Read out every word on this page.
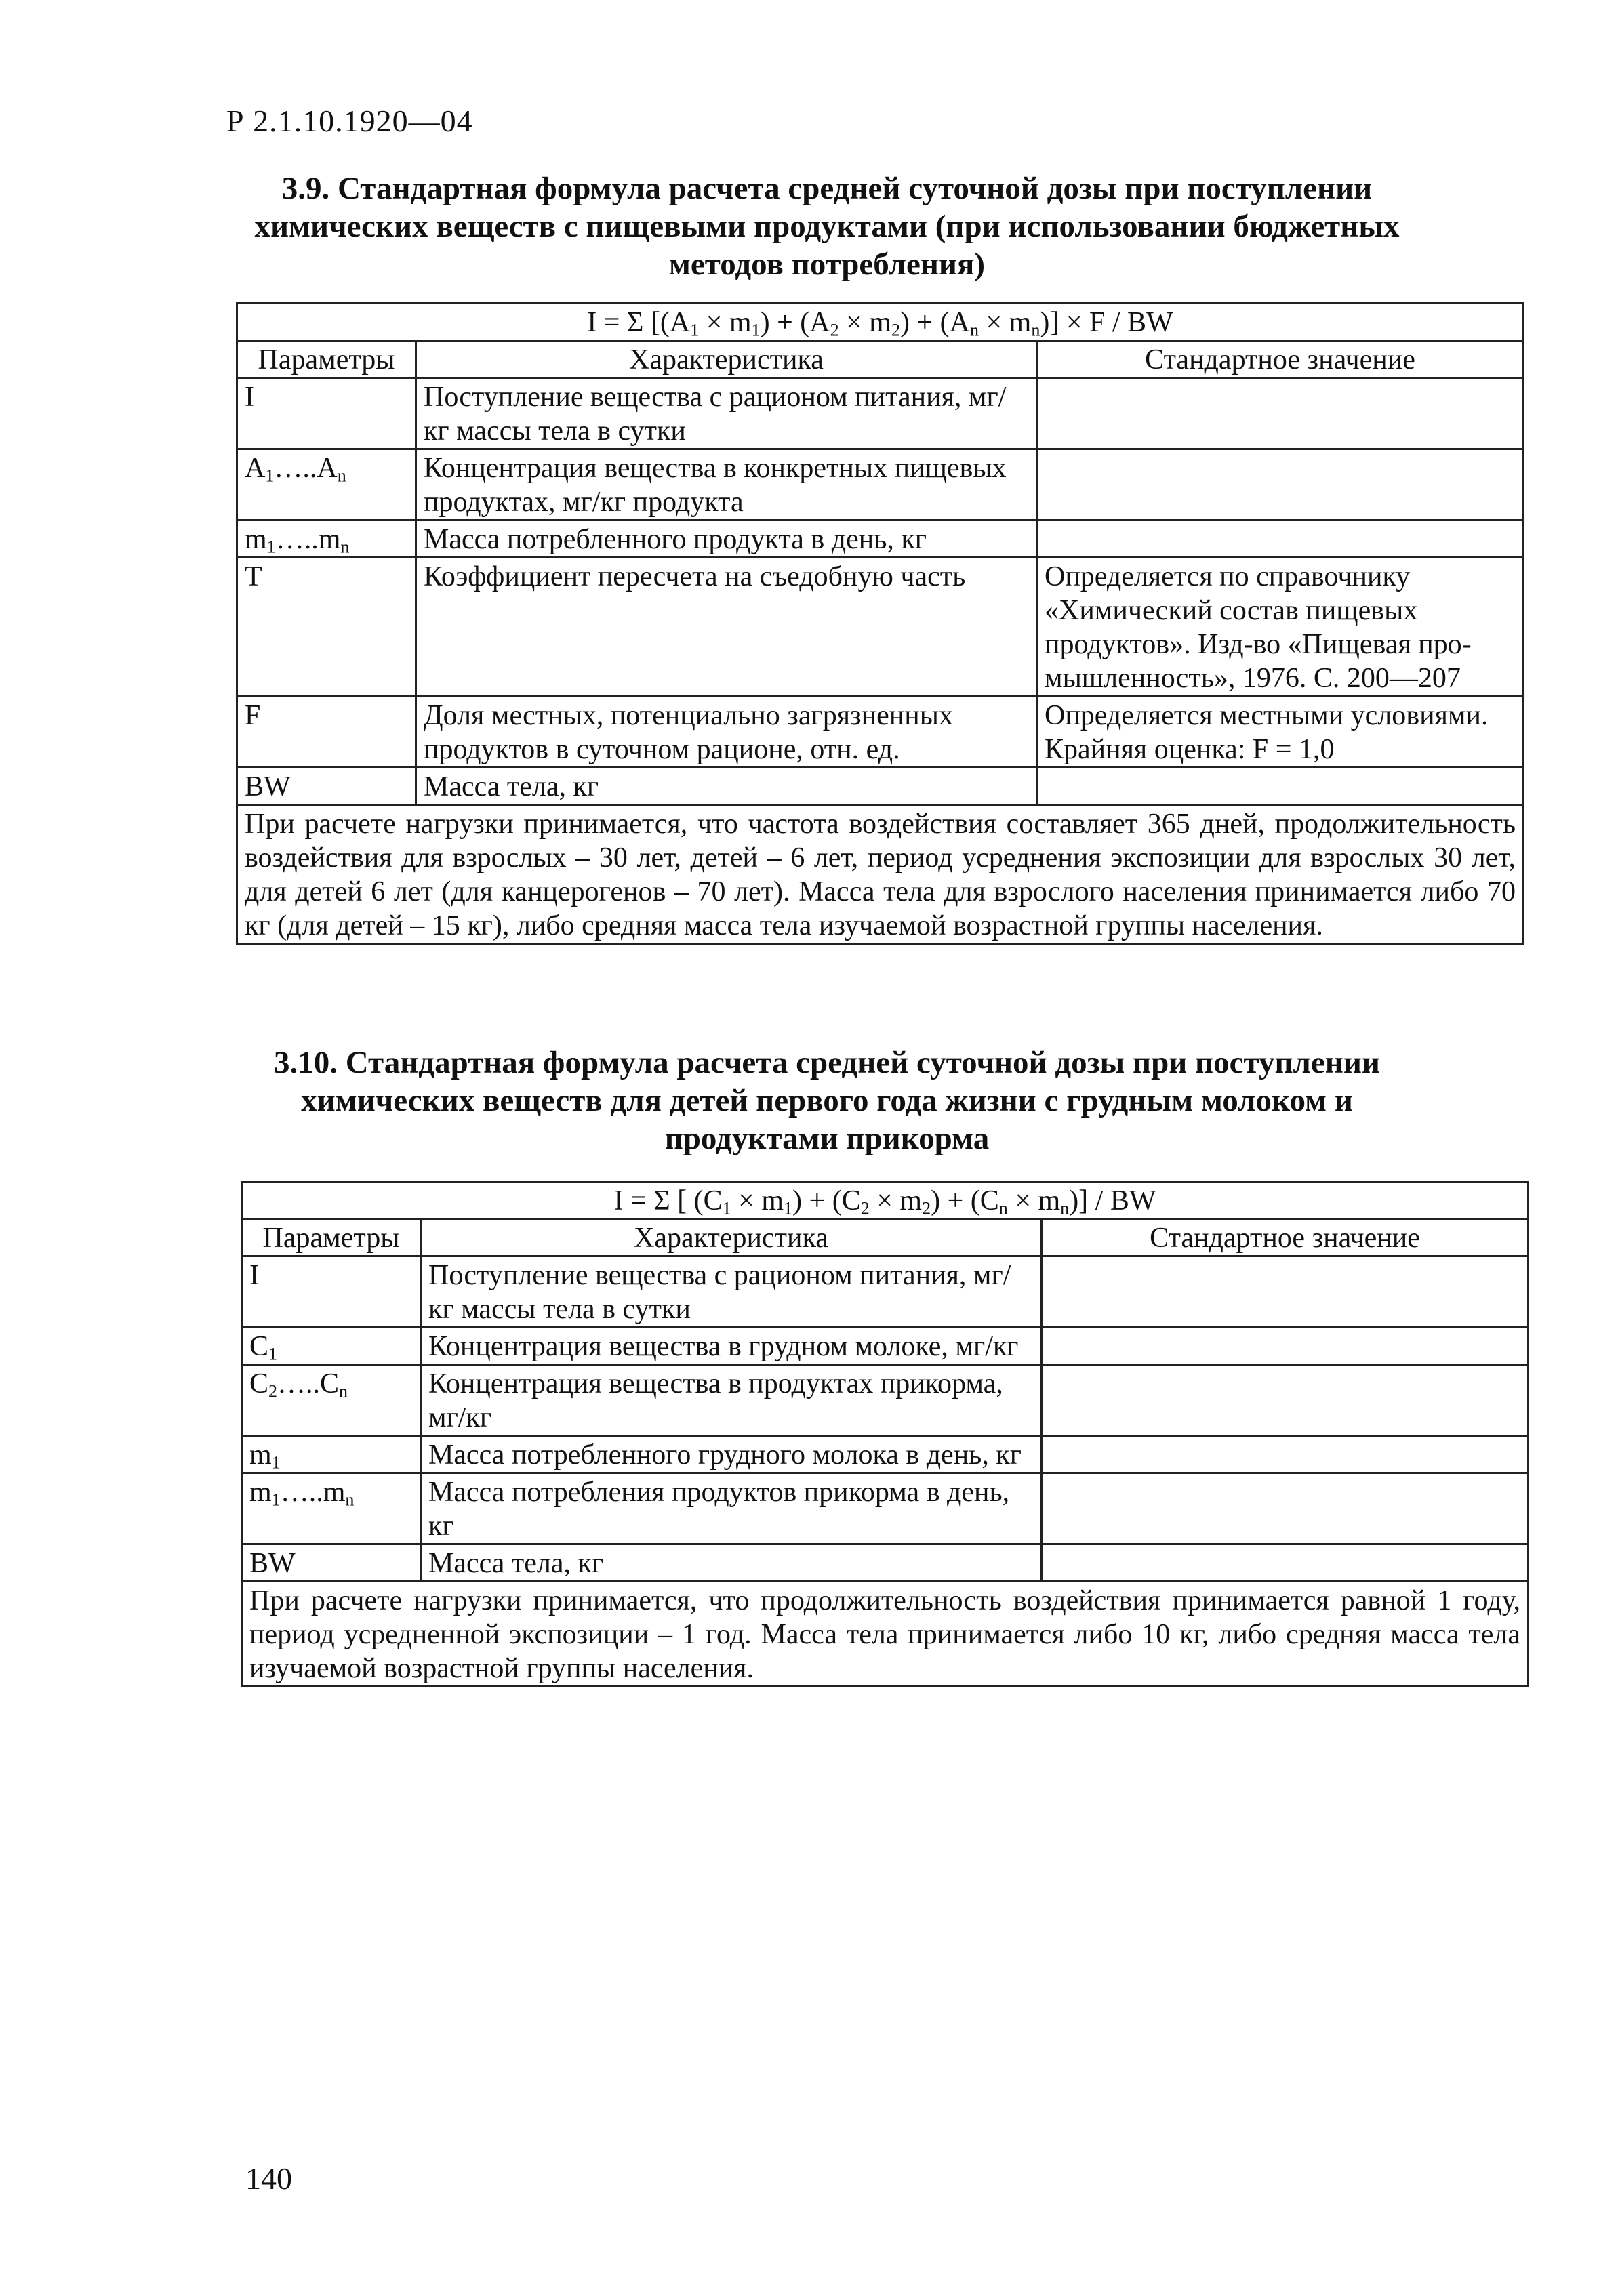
Р 2.1.10.1920—04
3.9. Стандартная формула расчета средней суточной дозы при поступлении химических веществ с пищевыми продуктами (при использовании бюджетных методов потребления)
I = Σ $[(A_1 \times m_1) + (A_2 \times m_2) + (A_n \times m_n)] \times F$ / BW		
Параметры	Характеристика	Стандартное значение
I	Поступление вещества с рационом питания, мг/кг массы тела в сутки	
$A_1\dots..A_n$	Концентрация вещества в конкретных пищевых продуктах, мг/кг продукта	
$m_1\dots..m_n$	Масса потребленного продукта в день, кг	
T	Коэффициент пересчета на съедобную часть	Определяется по справочнику «Химический состав пищевых продуктов». Изд-во «Пищевая промышленность», 1976. С. 200—207
F	Доля местных, потенциально загрязненных продуктов в суточном рационе, отн. ед.	Определяется местными условиями. Крайняя оценка: F = 1,0
BW	Масса тела, кг	
При расчете нагрузки принимается, что частота воздействия составляет 365 дней, продолжительность воздействия для взрослых – 30 лет, детей – 6 лет, период усреднения экспозиции для взрослых 30 лет, для детей 6 лет (для канцерогенов – 70 лет). Масса тела для взрослого населения принимается либо 70 кг (для детей – 15 кг), либо средняя масса тела изучаемой возрастной группы населения.		
3.10. Стандартная формула расчета средней суточной дозы при поступлении химических веществ для детей первого года жизни с грудным молоком и продуктами прикорма
I = Σ [ $(C_1 \times m_1) + (C_2 \times m_2) + (C_n \times m_n)$] / BW		
Параметры	Характеристика	Стандартное значение
I	Поступление вещества с рационом питания, мг/кг массы тела в сутки	
$C_1$	Концентрация вещества в грудном молоке, мг/кг	
$C_2\dots..C_n$	Концентрация вещества в продуктах прикорма, мг/кг	
$m_1$	Масса потребленного грудного молока в день, кг	
$m_1\dots..m_n$	Масса потребления продуктов прикорма в день, кг	
BW	Масса тела, кг	
При расчете нагрузки принимается, что продолжительность воздействия принимается равной 1 году, период усредненной экспозиции – 1 год. Масса тела принимается либо 10 кг, либо средняя масса тела изучаемой возрастной группы населения.		
140
